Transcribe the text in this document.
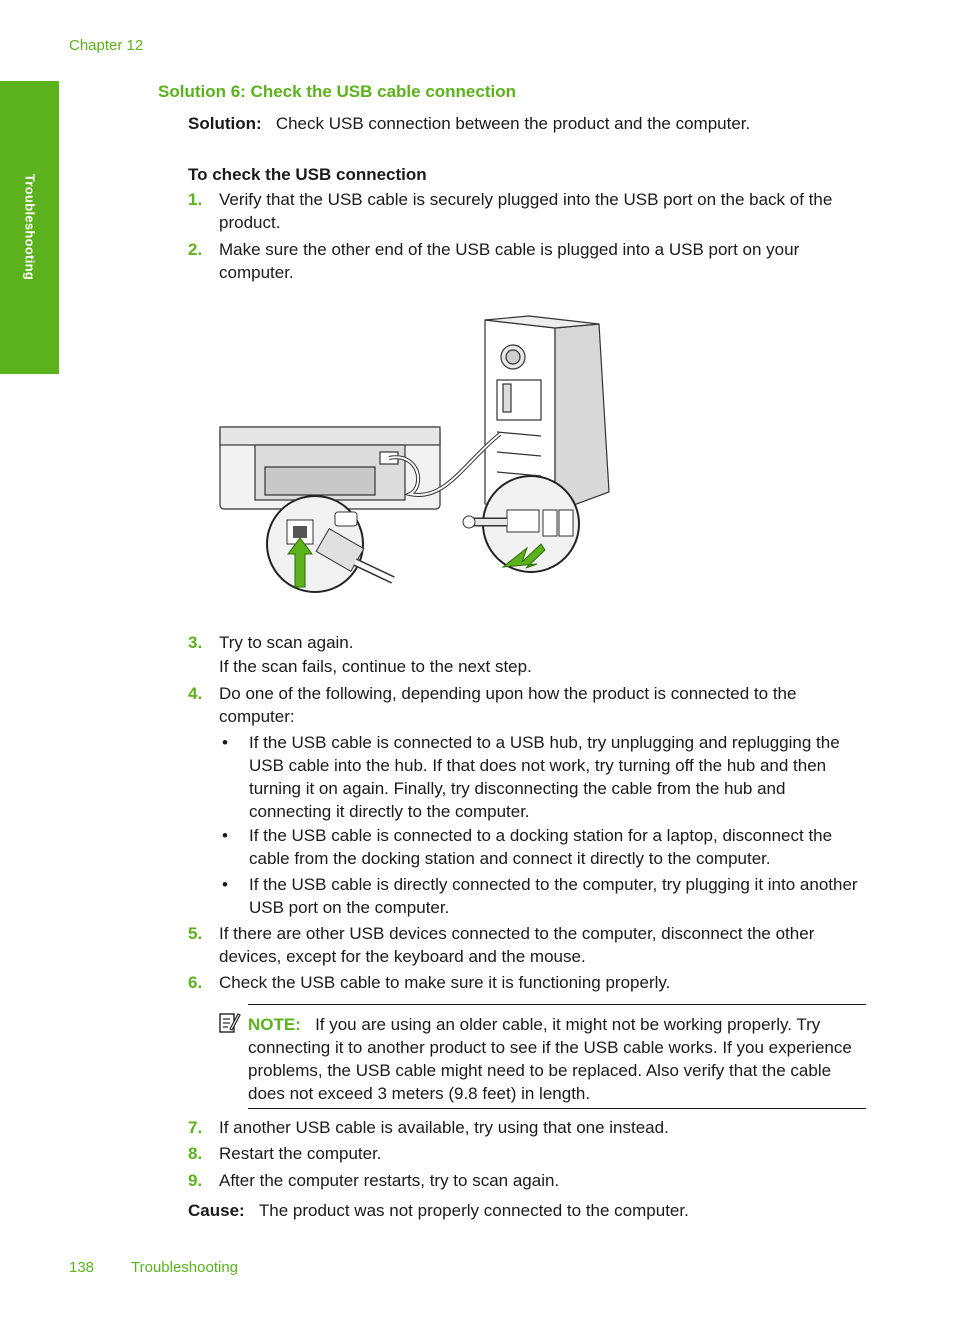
Chapter 12
Troubleshooting
Solution 6: Check the USB cable connection
Solution: Check USB connection between the product and the computer.
To check the USB connection
1. Verify that the USB cable is securely plugged into the USB port on the back of the product.
2. Make sure the other end of the USB cable is plugged into a USB port on your computer.
3. Try to scan again.
If the scan fails, continue to the next step.
4. Do one of the following, depending upon how the product is connected to the computer:
• If the USB cable is connected to a USB hub, try unplugging and replugging the USB cable into the hub. If that does not work, try turning off the hub and then turning it on again. Finally, try disconnecting the cable from the hub and connecting it directly to the computer.
• If the USB cable is connected to a docking station for a laptop, disconnect the cable from the docking station and connect it directly to the computer.
• If the USB cable is directly connected to the computer, try plugging it into another USB port on the computer.
5. If there are other USB devices connected to the computer, disconnect the other devices, except for the keyboard and the mouse.
6. Check the USB cable to make sure it is functioning properly.
NOTE: If you are using an older cable, it might not be working properly. Try connecting it to another product to see if the USB cable works. If you experience problems, the USB cable might need to be replaced. Also verify that the cable does not exceed 3 meters (9.8 feet) in length.
7. If another USB cable is available, try using that one instead.
8. Restart the computer.
9. After the computer restarts, try to scan again.
Cause: The product was not properly connected to the computer.
138 Troubleshooting
